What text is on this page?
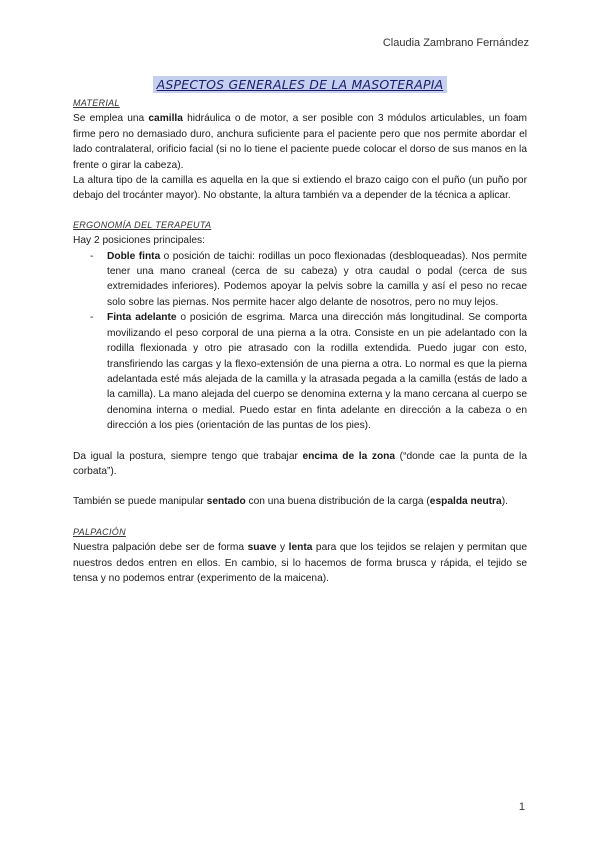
Claudia Zambrano Fernández
ASPECTOS GENERALES DE LA MASOTERAPIA

MATERIAL

Se emplea una camilla hidráulica o de motor, a ser posible con 3 módulos articulables, un foam firme pero no demasiado duro, anchura suficiente para el paciente pero que nos permite abordar el lado contralateral, orificio facial (si no lo tiene el paciente puede colocar el dorso de sus manos en la frente o girar la cabeza).

La altura tipo de la camilla es aquella en la que si extiendo el brazo caigo con el puño (un puño por debajo del trocánter mayor). No obstante, la altura también va a depender de la técnica a aplicar.

ERGONOMÍA DEL TERAPEUTA

Hay 2 posiciones principales:

- Doble finta o posición de taichi: rodillas un poco flexionadas (desbloqueadas). Nos permite tener una mano craneal (cerca de su cabeza) y otra caudal o podal (cerca de sus extremidades inferiores). Podemos apoyar la pelvis sobre la camilla y así el peso no recae solo sobre las piernas. Nos permite hacer algo delante de nosotros, pero no muy lejos.
- Finta adelante o posición de esgrima. Marca una dirección más longitudinal. Se comporta movilizando el peso corporal de una pierna a la otra. Consiste en un pie adelantado con la rodilla flexionada y otro pie atrasado con la rodilla extendida. Puedo jugar con esto, transfiriendo las cargas y la flexo-extensión de una pierna a otra. Lo normal es que la pierna adelantada esté más alejada de la camilla y la atrasada pegada a la camilla (estás de lado a la camilla). La mano alejada del cuerpo se denomina externa y la mano cercana al cuerpo se denomina interna o medial. Puedo estar en finta adelante en dirección a la cabeza o en dirección a los pies (orientación de las puntas de los pies).

Da igual la postura, siempre tengo que trabajar encima de la zona (“donde cae la punta de la corbata”).

También se puede manipular sentado con una buena distribución de la carga (espalda neutra).

PALPACIÓN

Nuestra palpación debe ser de forma suave y lenta para que los tejidos se relajen y permitan que nuestros dedos entren en ellos. En cambio, si lo hacemos de forma brusca y rápida, el tejido se tensa y no podemos entrar (experimento de la maicena).

1
